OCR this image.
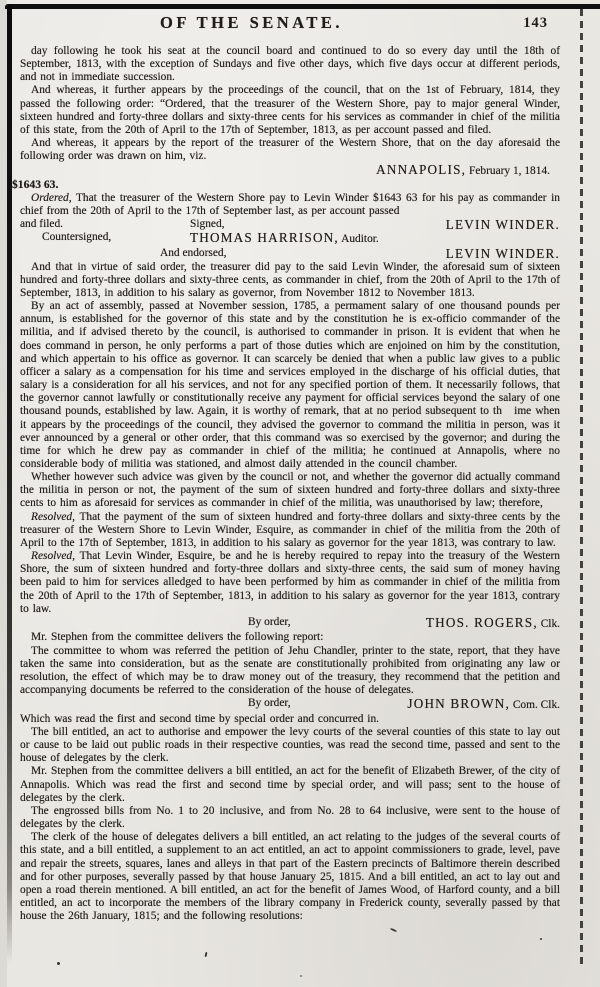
OF THE SENATE.	143

day following he took his seat at the council board and continued to do so every day until the 18th of September, 1813, with the exception of Sundays and five other days, which five days occur at different periods, and not in immediate succession.

And whereas, it further appears by the proceedings of the council, that on the 1st of February, 1814, they passed the following order: “Ordered, that the treasurer of the Western Shore, pay to major general Winder, sixteen hundred and forty-three dollars and sixty-three cents for his services as commander in chief of the militia of this state, from the 20th of April to the 17th of September, 1813, as per account passed and filed.

And whereas, it appears by the report of the treasurer of the Western Shore, that on the day aforesaid the following order was drawn on him, viz.

ANNAPOLIS, February 1, 1814.

$1643 63.

Ordered, That the treasurer of the Western Shore pay to Levin Winder $1643 63 for his pay as commander in chief from the 20th of April to the 17th of September last, as per account passed

and filed.	Signed,	LEVIN WINDER.
Countersigned,	THOMAS HARRISON, Auditor.
And endorsed,	LEVIN WINDER.

And that in virtue of said order, the treasurer did pay to the said Levin Winder, the aforesaid sum of sixteen hundred and forty-three dollars and sixty-three cents, as commander in chief, from the 20th of April to the 17th of September, 1813, in addition to his salary as governor, from November 1812 to November 1813.

By an act of assembly, passed at November session, 1785, a permament salary of one thousand pounds per annum, is established for the governor of this state and by the constitution he is ex-officio commander of the militia, and if advised thereto by the council, is authorised to commander in prison. It is evident that when he does command in person, he only performs a part of those duties which are enjoined on him by the constitution, and which appertain to his office as governor. It can scarcely be denied that when a public law gives to a public officer a salary as a compensation for his time and services employed in the discharge of his official duties, that salary is a consideration for all his services, and not for any specified portion of them. It necessarily follows, that the governor cannot lawfully or constitutionally receive any payment for official services beyond the salary of one thousand pounds, established by law. Again, it is worthy of remark, that at no period subsequent to th   ime when it appears by the proceedings of the council, they advised the governor to command the militia in person, was it ever announced by a general or other order, that this command was so exercised by the governor; and during the time for which he drew pay as commander in chief of the militia; he continued at Annapolis, where no considerable body of militia was stationed, and almost daily attended in the council chamber.

Whether however such advice was given by the council or not, and whether the governor did actually command the militia in person or not, the payment of the sum of sixteen hundred and forty-three dollars and sixty-three cents to him as aforesaid for services as commander in chief of the militia, was unauthorised by law; therefore,

Resolved, That the payment of the sum of sixteen hundred and forty-three dollars and sixty-three cents by the treasurer of the Western Shore to Levin Winder, Esquire, as commander in chief of the militia from the 20th of April to the 17th of September, 1813, in addition to his salary as governor for the year 1813, was contrary to law.

Resolved, That Levin Winder, Esquire, be and he is hereby required to repay into the treasury of the Western Shore, the sum of sixteen hundred and forty-three dollars and sixty-three cents, the said sum of money having been paid to him for services alledged to have been performed by him as commander in chief of the militia from the 20th of April to the 17th of September, 1813, in addition to his salary as governor for the year 1813, contrary to law.

By order,	THOS. ROGERS, Clk.

Mr. Stephen from the committee delivers the following report:

The committee to whom was referred the petition of Jehu Chandler, printer to the state, report, that they have taken the same into consideration, but as the senate are constitutionally prohibited from originating any law or resolution, the effect of which may be to draw money out of the treasury, they recommend that the petition and accompanying documents be referred to the consideration of the house of delegates.

By order,	JOHN BROWN, Com. Clk.

Which was read the first and second time by special order and concurred in.

The bill entitled, an act to authorise and empower the levy courts of the several counties of this state to lay out or cause to be laid out public roads in their respective counties, was read the second time, passed and sent to the house of delegates by the clerk.

Mr. Stephen from the committee delivers a bill entitled, an act for the benefit of Elizabeth Brewer, of the city of Annapolis. Which was read the first and second time by special order, and will pass; sent to the house of delegates by the clerk.

The engrossed bills from No. 1 to 20 inclusive, and from No. 28 to 64 inclusive, were sent to the house of delegates by the clerk.

The clerk of the house of delegates delivers a bill entitled, an act relating to the judges of the several courts of this state, and a bill entitled, a supplement to an act entitled, an act to appoint commissioners to grade, level, pave and repair the streets, squares, lanes and alleys in that part of the Eastern precincts of Baltimore therein described and for other purposes, severally passed by that house January 25, 1815. And a bill entitled, an act to lay out and open a road therein mentioned. A bill entitled, an act for the benefit of James Wood, of Harford county, and a bill entitled, an act to incorporate the members of the library company in Frederick county, severally passed by that house the 26th January, 1815; and the following resolutions:
